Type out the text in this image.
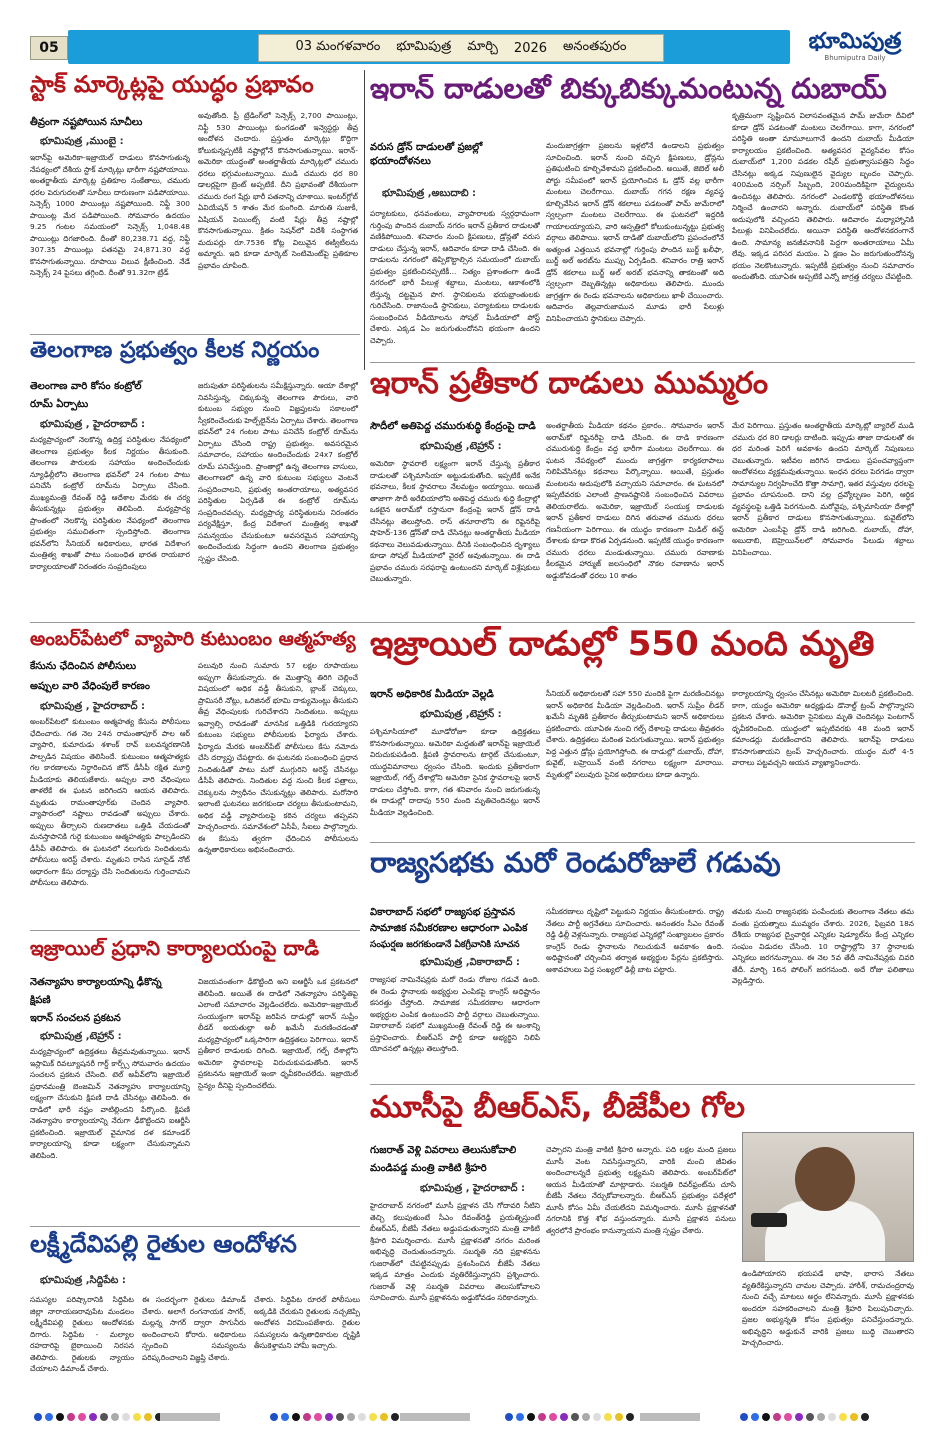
05	03 మంగళవారం భూమిపుత్ర మార్చి 2026 అనంతపురం	భూమిపుత్ర
Bhumiputra Daily
స్టాక్ మార్కెట్లపై యుద్ధం ప్రభావం
తీవ్రంగా నష్టపోయిన సూచీలు
భూమిపుత్ర ,ముంబై :
ఇరాన్‌పై అమెరికా-ఇజ్రాయెల్ దాడులు కొనసాగుతున్న నేపథ్యంలో దేశీయ స్టాక్ మార్కెట్లు భారీగా నష్టపోయాయి. అంతర్జాతీయ మార్కెట్ల ప్రతికూల సంకేతాలు, చమురు ధరల పెరుగుదలతో సూచీలు దారుణంగా పడిపోయాయి. సెన్సెక్స్ 1000 పాయింట్లు నష్టపోయింది. నిఫ్టీ 300 పాయింట్ల మేర పడిపోయింది. సోమవారం ఉదయం 9.25 గంటల సమయంలో సెన్సెక్స్ 1,048.48 పాయింట్లు దిగజారింది. దీంతో 80,238.71 వద్ద, నిఫ్టీ 307.35 పాయింట్లు పతనమై 24,871.30 వద్ద కొనసాగుతున్నాయి. రూపాయి విలువ క్షీణించింది. నేడే సెన్సెక్స్ 24 పైసలు తగ్గింది. దీంతో 91.32గా ట్రేడ్
అవుతోంది. ప్రీ ట్రేడింగ్‌లో సెన్సెక్స్ 2,700 పాయింట్లు, నిఫ్టీ 530 పాయింట్లు కుంగడంతో ఇన్వెస్టర్లు తీవ్ర ఆందోళన చెందారు. ప్రస్తుతం మార్కెట్లు కొద్దిగా కోలుకున్నప్పటికీ నష్టాల్లోనే కొనసాగుతున్నాయి. ఇరాన్-అమెరికా యుద్ధంతో అంతర్జాతీయ మార్కెట్లలో చమురు ధరలు భగ్గుమంటున్నాయి. ముడి చమురు ధర 80 డాలర్లపైగా బ్రెంట్ అప్పటికే. దీని ప్రభావంతో దేశీయంగా చమురు రంగ షేర్లు భారీ పతనాన్ని చూశాయి. ఇంటర్‌గ్లోబ్ ఏవియేషన్ 5 శాతం మేర కుంగింది. మారుతి సుజుకీ, ఏషియన్ పెయింట్స్ వంటి షేర్లు తీవ్ర నష్టాల్లో కొనసాగుతున్నాయి. క్రితం సెషన్‌లో విదేశీ సంస్థాగత మదుపర్లు రూ.7536 కోట్ల విలువైన ఈక్విటీలను అమ్మారు. ఇది కూడా మార్కెట్ సెంటిమెంట్‌పై ప్రతికూల ప్రభావం చూపింది.
ఇరాన్ దాడులతో బిక్కుబిక్కుమంటున్న దుబాయ్
వరుస డ్రోన్ దాడులతో ప్రజల్లో భయాందోళనలు
భూమిపుత్ర ,అబుదాబి :
పర్యాటకులు, ధనవంతులు, వ్యాపారాలకు స్వర్గధామంగా గుర్తింపు పొందిన దుబాయ్ నగరం ఇరాన్ ప్రతీకార దాడులతో వణికిపోయింది. శనివారం నుంచి క్షిపణులు, డ్రోన్లతో వరుస దాడులు చేస్తున్న ఇరాన్, ఆదివారం కూడా దాడి చేసింది. ఈ దాడులను నగరంలో తిప్పికొట్టాల్సిన సమయంలో దుబాయ్ ప్రభుత్వం ప్రకటించినప్పటికీ... నిత్యం ప్రశాంతంగా ఉండే నగరంలో భారీ పేలుళ్ల శబ్దాలు, మంటలు, ఆకాశంలోకి లేస్తున్న దట్టమైన పొగ. స్థానికులను భయభ్రాంతులకు గురిచేసింది. రాజానుండి స్థానికులు, పర్యాటకులు దాడులకు సంబంధించిన వీడియోలను సోషల్ మీడియాలో పోస్ట్ చేశారు. ఎక్కడ ఏం జరుగుతుందోనని భయంగా ఉందని చెప్పారు.
మందుజాగ్రత్తగా ప్రజలను ఇళ్లలోనే ఉండాలని ప్రభుత్వం సూచించింది. ఇరాన్ నుంచి వచ్చిన క్షిపణులు, డ్రోన్లను ప్రతిఘటించి కూల్చివేశామని ప్రకటించింది. అయితే, జెబెల్ అలీ పోర్టు సమీపంలో ఇరాన్ ప్రయోగించిన ఓ డ్రోన్ వల్ల భారీగా మంటలు చెలరేగాయి. దుబాయ్ గగన రక్షణ వ్యవస్థ కూల్చివేసిన ఇరాన్ డ్రోన్ శకలాలు పడటంతో పామ్ జుమేరాలో స్వల్పంగా మంటలు చెలరేగాయి. ఈ ఘటనలో ఇద్దరికి గాయాలయ్యాయని, వారి ఆస్పత్రిలో కోలుకుంటున్నట్టు ప్రభుత్వ వర్గాలు తెలిపాయి. ఇరాన్ దాడితో దుబాయ్‌లోని ప్రపంచంలోనే అత్యంత ఎత్తయిన భవనాల్లో గుర్తింపు పొందిన బుర్జ్ ఖలీఫా, బుర్జ్ అల్ అరబ్‌ను ముప్పు ఏర్పడింది. శనివారం రాత్రి ఇరాన్ డ్రోన్ శకలాలు బుర్జ్ అల్ అరబ్ భవనాన్ని తాకటంతో అది స్వల్పంగా దెబ్బతిన్నట్లు అధికారులు తెలిపారు. ముందు జాగ్రత్తగా ఈ రెండు భవనాలను అధికారులు ఖాళీ చేయించారు. ఆదివారం తెల్లవారుజామున మూడు భారీ పేలుళ్లు వినిపించాయని స్థానికులు చెప్పారు.
కృత్రిమంగా సృష్టించిన విలాసవంతమైన పామ్ జుమేరా దీవిలో కూడా డ్రోన్ పడటంతో మంటలు చెలరేగాయి. కాగా, నగరంలో పరిస్థితి అంతా మామూలుగానే ఉందని దుబాయ్ మీడియా కార్యాలయం ప్రకటించింది. అత్యవసర వైద్యసేవల కోసం దుబాయ్‌లో 1,200 పడకల రషీద్ ప్రభుత్వాసుపత్రిని సిద్ధం చేసినట్లు అక్కడ నిపుణులైన వైద్యుల బృందం చెప్పారు. 400మంది నర్సింగ్ సిబ్బంది, 200మందికిపైగా వైద్యులను ఉంచినట్లు తెలిపారు. నగరంలో ఎండలకొద్దీ భయాందోళనలు నిర్మించే ఉంచారని అన్నారు. దుబాయ్‌లో పరిస్థితి కొంత అదుపులోకి వచ్చిందని తెలిపారు. ఆదివారం మధ్యాహ్నానికి పేలుళ్లు వినిపించలేదు. అయినా పరిస్థితి ఆందోళనకరంగానే ఉంది. సామాన్య జనజీవనానికి పెద్దగా అంతరాయాలు ఏమీ లేవు. ఇక్కడ పరిసర మయం. ఏ క్షణం ఏం జరుగుతుందోనన్న భయం నెలకొంటున్నారు. ఇప్పటికీ ప్రభుత్వం నుంచి సమాచారం అందుతోంది. యూఏఈ అప్పటికే ఎన్నో జాగ్రత్త చర్యలు చేపట్టింది.
తెలంగాణ ప్రభుత్వం కీలక నిర్ణయం
తెలంగాణ వారి కోసం కంట్రోల్
రూమ్ ఏర్పాటు
భూమిపుత్ర , హైదరాబాద్ :
మధ్యప్రాచ్యంలో నెలకొన్న ఉద్రిక్త పరిస్థితుల నేపథ్యంలో తెలంగాణ ప్రభుత్వం కీలక నిర్ణయం తీసుకుంది. తెలంగాణ పౌరులకు సహాయం అందించేందుకు న్యూఢిల్లీలోని తెలంగాణ భవన్‌లో 24 గంటల పాటు పనిచేసే కంట్రోల్ రూమ్‌ను ఏర్పాటు చేసింది. ముఖ్యమంత్రి రేవంత్ రెడ్డి ఆదేశాల మేరకు ఈ చర్య తీసుకున్నట్లు ప్రభుత్వం తెలిపింది. మధ్యప్రాచ్య ప్రాంతంలో నెలకొన్న పరిస్థితుల నేపథ్యంలో తెలంగాణ ప్రభుత్వం సముచితంగా స్పందిస్తోంది. తెలంగాణ భవన్‌లోని సీనియర్ అధికారులు, భారత విదేశాంగ మంత్రిత్వ శాఖతో పాటు సంబంధిత భారత రాయబార కార్యాలయాలతో నిరంతరం సంప్రదింపులు
జరుపుతూ పరిస్థితులను సమీక్షిస్తున్నారు. ఆయా దేశాల్లో నివసిస్తున్న, చిక్కుకున్న తెలంగాణ పౌరులు, వారి కుటుంబ సభ్యుల నుంచి విజ్ఞప్తులను సకాలంలో స్వీకరించేందుకు హెల్ప్‌లైన్‌ను ఏర్పాటు చేశారు. తెలంగాణ భవన్‌లో 24 గంటల పాటు పనిచేసే కంట్రోల్ రూమ్‌ను ఏర్పాటు చేసింది రాష్ట్ర ప్రభుత్వం. అవసరమైన సమాచారం, సహాయం అందించేందుకు 24x7 కంట్రోల్ రూమ్ పనిచేస్తుంది. ప్రాంతాల్లో ఉన్న తెలంగాణ వాసులు, తెలంగాణలో ఉన్న వారి కుటుంబ సభ్యులు వెంటనే సంప్రదించాలని, ప్రభుత్వ అంతరాయాలు, అత్యవసర పరిస్థితుల ఏర్పడితే ఈ కంట్రోల్ రూమ్‌ను సంప్రదించవచ్చు. మధ్యప్రాచ్య పరిస్థితులను నిరంతరం పర్యవేక్షిస్తూ, కేంద్ర విదేశాంగ మంత్రిత్వ శాఖతో సమన్వయం చేసుకుంటూ అవసరమైన సహాయాన్ని అందించేందుకు సిద్ధంగా ఉందని తెలంగాణ ప్రభుత్వం స్పష్టం చేసింది.
ఇరాన్ ప్రతీకార దాడులు ముమ్మరం
సౌదీలో అతిపెద్ద చమురుశుద్ధి కేంద్రంపై దాడి
భూమిపుత్ర ,టెహ్రాన్ :
అమెరికా స్థావరాలే లక్ష్యంగా ఇరాన్ చేస్తున్న ప్రతీకార దాడులతో పశ్చిమాసియా అట్టుడుకుతోంది. ఇప్పటికే అనేక భవనాలు, కీలక స్థావరాలు నేలమట్టం అయ్యాయి. అయితే తాజాగా సౌదీ అరేబియాలోని అతిపెద్ద చమురు శుద్ధి కేంద్రాల్లో ఒకటైన అరామ్‌కో రస్తానురా కేంద్రంపై ఇరాన్ డ్రోన్ దాడి చేసినట్లు తెలుస్తోంది. రాస్ తనూరాలోని ఈ రిఫైనరీపై షాహెద్-136 డ్రోన్‌తో దాడి చేసినట్లు అంతర్జాతీయ మీడియా కథనాలు వెలువడుతున్నాయి. దీనికి సంబంధించిన దృశ్యాలు కూడా సోషల్ మీడియాలో వైరల్ అవుతున్నాయి. ఈ దాడి ప్రభావం చమురు సరఫరాపై ఉంటుందని మార్కెట్ విశ్లేషకులు చెబుతున్నారు.
అంతర్జాతీయ మీడియా కథనం ప్రకారం.. సోమవారం ఇరాన్ అరామ్‌కో రిఫైనరీపై దాడి చేసింది. ఈ దాడి కారణంగా చమురుశుద్ధి కేంద్రం వద్ద భారీగా మంటలు చెలరేగాయి. ఈ ఘటన నేపథ్యంలో ముందు జాగ్రత్తగా కార్యకలాపాలు నిలిపివేసినట్లు కథనాలు పేర్కొన్నాయి. అయితే, ప్రస్తుతం మంటలను అదుపులోకి వచ్చాయని సమాచారం. ఈ ఘటనలో ఇప్పటివరకు ఎలాంటి ప్రాణనష్టానికి సంబంధించిన వివరాలు తెలియరాలేదు. అమెరికా, ఇజ్రాయెల్ సంయుక్త దాడులకు ఇరాన్ ప్రతీకార దాడులు దిగిన తరువాత చమురు ధరలు గణనీయంగా పెరిగాయి. ఈ యుద్ధం కారణంగా మిడిల్ ఈస్ట్ దేశాలకు కూడా కొరత ఏర్పడనుంది. ఇప్పటికే యుద్ధం కారణంగా చమురు ధరలు మండుతున్నాయి. చమురు రవాణాకు కీలకమైన హార్ముజ్ జలసంధిలో నౌకల రవాణాను ఇరాన్ అడ్డుకోవడంతో ధరలు 10 శాతం
మేర పెరిగాయి. ప్రస్తుతం అంతర్జాతీయ మార్కెట్లో బ్యారెల్ ముడి చమురు ధర 80 డాలర్లు దాటింది. ఇప్పుడు తాజా దాడులతో ఈ ధర మరింత పెరిగే అవకాశం ఉందని మార్కెట్ నిపుణులు చెబుతున్నారు. ఇటీవల జరిగిన దాడులు ప్రపంచవ్యాప్తంగా ఆందోళనలు వ్యక్తమవుతున్నాయి. ఇంధన ధరలు పెరగడం ద్వారా సామాన్యుల నిర్వహించేది కొత్తా సామాగ్రి, ఇతర వస్తువుల ధరలపై ప్రభావం చూపనుంది. దాని వల్ల ద్రవ్యోల్బణం పెరిగి, ఆర్థిక వ్యవస్థలపై ఒత్తిడి పెరగనుంది. మరోవైపు, పశ్చిమాసియా దేశాల్లో ఇరాన్ ప్రతీకార దాడులు కొనసాగుతున్నాయి. కువైట్‌లోని అమెరికా ఎంబసీపై డ్రోన్ దాడి జరిగింది. దుబాయ్, దోహా, అబుదాబి, బెహ్రెయిన్‌లలో సోమవారం పేలుడు శబ్దాలు వినిపించాయి.
అంబర్‌పేటలో వ్యాపారి కుటుంబం ఆత్మహత్య
కేసును ఛేదించిన పోలీసులు
అప్పుల వారి వేధింపులే కారణం
భూమిపుత్ర , హైదరాబాద్ :
అంబర్‌పేటలో కుటుంబం ఆత్మహత్య కేసును పోలీసులు ఛేదించారు. గత నెల 24న రామంతాపూర్ పాల ఆర్ వ్యాపారి, కుమారుడు శశాంక్ రావ్ బలవన్మరణానికి పాల్పడిన విషయం తెలిసిందే. కుటుంబం ఆత్మహత్యకు గల కారణాలను నిర్ధారించిన జోన్ డీసీపీ రక్షిత మూర్తి మీడియాకు తెలియజేశారు. అప్పుల వారి వేధింపులు తాళలేకే ఈ ఘటన జరిగిందని ఆయన తెలిపారు. మృతుడు రామంతాపూర్‌కు చెందిన వ్యాపారి. వ్యాపారంలో నష్టాలు రావడంతో అప్పులు చేశారు. అప్పులు తీర్చాలని రుణదాతలు ఒత్తిడి చేయడంతో మనస్తాపానికి గురై కుటుంబం ఆత్మహత్యకు పాల్పడిందని డీసీపీ తెలిపారు. ఈ ఘటనలో నలుగురు నిందితులను పోలీసులు అరెస్ట్ చేశారు. మృతుని రాసిన సూసైడ్ నోట్ ఆధారంగా కేసు దర్యాప్తు చేసి నిందితులను గుర్తించామని పోలీసులు తెలిపారు.
పలువురి నుంచి సుమారు 57 లక్షల రూపాయలు అప్పుగా తీసుకున్నారు. ఈ మొత్తాన్ని తిరిగి చెల్లించే విషయంలో అధిక వడ్డీ తీసుకుని, బ్లాంక్ చెక్కులు, ప్రామిసరీ నోట్లు, ఒరిజినల్ భూమి దాక్యుమెంట్లు తీసుకుని తీవ్ర వేధింపులకు గురిచేశారని నిందితులు. అప్పులు ఇవ్వాల్సి రావడంతో మానసిక ఒత్తిడికి గురయ్యారని కుటుంబ సభ్యులు పోలీసులకు ఫిర్యాదు చేశారు. ఫిర్యాదు మేరకు అంబర్‌పేట్ పోలీసులు కేసు నమోదు చేసి దర్యాప్తు చేపట్టారు. ఈ ఘటనకు సంబంధించి ప్రధాన నిందితుడితో పాటు మరో ముగ్గురిని అరెస్ట్ చేసినట్లు డీసీపీ తెలిపారు. నిందితుల వద్ద నుంచి కీలక పత్రాలు, చెక్కులను స్వాధీనం చేసుకున్నట్లు తెలిపారు. మరోసారి ఇలాంటి ఘటనలు జరగకుండా చర్యలు తీసుకుంటామని, అధిక వడ్డీ వ్యాపారులపై కఠిన చర్యలు తప్పవని హెచ్చరించారు. సమావేశంలో ఏసీపీ, సీఐలు పాల్గొన్నారు. ఈ కేసును త్వరగా ఛేదించిన పోలీసులను ఉన్నతాధికారులు అభినందించారు.
ఇజ్రాయిల్ దాడుల్లో 550 మంది మృతి
ఇరాన్ అధికారిక మీడియా వెల్లడి
భూమిపుత్ర ,టెహ్రాన్ :
పశ్చిమాసియాలో మూడోరోజూ కూడా ఉద్రిక్తతలు కొనసాగుతున్నాయి. అమెరికా మద్దతుతో ఇరాన్‌పై ఇజ్రాయెల్ విరుచుకుపడింది. క్షిపణి స్థావరాలను టార్గెట్ చేసుకుంటూ, యుద్ధవిమానాలు ధ్వంసం చేసింది. ఇందుకు ప్రతీకారంగా ఇజ్రాయెల్, గల్ఫ్ దేశాల్లోని అమెరికా సైనిక స్థావరాలపై ఇరాన్ దాడులు చేస్తోంది. కాగా, గత శనివారం నుంచి జరుగుతున్న ఈ దాడుల్లో దాదాపు 550 మంది మృతిచెందినట్లు ఇరాన్ మీడియా వెల్లడించింది.
సీనియర్ అధికారులతో సహా 550 మందికి పైగా మరణించినట్లు ఇరాన్ అధికారిక మీడియా వెల్లడించింది. ఇరాన్ సుప్రీం లీడర్ ఖమేనీ మృతికి ప్రతీకారం తీర్చుకుంటామని ఇరాన్ అధికారులు ప్రకటించారు. యూఏఈ నుంచి గల్ఫ్ దేశాలపై దాడులు తీవ్రతరం చేశారు. ఉద్రిక్తతలు మరింత పెరుగుతున్నాయి. ఇరాన్ ప్రభుత్వం పెద్ద ఎత్తున డ్రోన్లు ప్రయోగిస్తోంది. ఈ దాడుల్లో దుబాయ్, దోహా, కువైట్, బహ్రెయిన్ వంటి నగరాలు లక్ష్యంగా మారాయి. మృతుల్లో పలువురు సైనిక అధికారులు కూడా ఉన్నారు.
కార్యాలయాన్ని ధ్వంసం చేసినట్లు అమెరికా మిలటరీ ప్రకటించింది. కాగా, యుద్ధం అమెరికా అధ్యక్షుడు డొనాల్డ్ ట్రంప్ పాల్గొన్నారని ప్రకటన చేశారు. అమెరికా సైనికులు మృతి చెందినట్లు పెంటగాన్ ధృవీకరించింది. యుద్ధంలో ఇప్పటివరకు 48 మంది ఇరాన్ కమాండర్లు మరణించారని తెలిపారు. ఇరాన్‌పై దాడులు కొనసాగుతాయని ట్రంప్ హెచ్చరించారు. యుద్ధం మరో 4-5 వారాలు పట్టవచ్చని ఆయన వ్యాఖ్యానించారు.
రాజ్యసభకు మరో రెండురోజులే గడువు
వికారాబాద్ సభలో రాజ్యసభ ప్రస్తావన
సామాజిక సమీకరణాల ఆధారంగా ఎంపిక
సంఘర్షణ జరగకుండానే ఏకగ్రీవానికి సూచన
భూమిపుత్ర ,వికారాబాద్ :
రాజ్యసభ నామినేషన్లకు మరో రెండు రోజుల గడువే ఉంది. ఈ రెండు స్థానాలకు అభ్యర్థుల ఎంపికపై కాంగ్రెస్ అధిష్టానం కసరత్తు చేస్తోంది. సామాజిక సమీకరణాల ఆధారంగా అభ్యర్థుల ఎంపిక ఉంటుందని పార్టీ వర్గాలు చెబుతున్నాయి. వికారాబాద్ సభలో ముఖ్యమంత్రి రేవంత్ రెడ్డి ఈ అంశాన్ని ప్రస్తావించారు. బీఆర్ఎస్ పార్టీ కూడా అభ్యర్థిని నిలిపే యోచనలో ఉన్నట్లు తెలుస్తోంది.
సమీకరణాలు దృష్టిలో పెట్టుకుని నిర్ణయం తీసుకుంటారు. రాష్ట్ర నేతలు పార్టీ అగ్రనేతలు సూచించారు. అనంతరం సీఎం రేవంత్ రెడ్డి ఢిల్లీ వెళ్లనున్నారు. రాజ్యసభ ఎన్నికల్లో సంఖ్యాబలం ప్రకారం కాంగ్రెస్ రెండు స్థానాలను గెలుచుకునే అవకాశం ఉంది. అధిష్టానంతో చర్చించిన తర్వాత అభ్యర్థుల పేర్లను ప్రకటిస్తారు. ఆశావహులు పెద్ద సంఖ్యలో ఢిల్లీ బాట పట్టారు.
తమకు నుంచి రాజ్యసభకు పంపేందుకు తెలంగాణ నేతలు తమ వంతు ప్రయత్నాలు ముమ్మరం చేశారు. 2026, ఫిబ్రవరి 18న దేశీయ రాజ్యసభ ద్వైవార్షిక ఎన్నికల షెడ్యూల్‌ను కేంద్ర ఎన్నికల సంఘం విడుదల చేసింది. 10 రాష్ట్రాల్లోని 37 స్థానాలకు ఎన్నికలు జరగనున్నాయి. ఈ నెల 5వ తేదీ నామినేషన్లకు చివరి తేదీ. మార్చి 16న పోలింగ్ జరగనుంది. అదే రోజు ఫలితాలు వెల్లడిస్తారు.
ఇజ్రాయిల్ ప్రధాని కార్యాలయంపై దాడి
నెతన్యాహు కార్యాలయాన్ని ఢీకొన్న
క్షిపణి
ఇరాన్ సంచలన ప్రకటన
భూమిపుత్ర ,టెహ్రాన్ :
మధ్యప్రాచ్యంలో ఉద్రిక్తతలు తీవ్రమవుతున్నాయి. ఇరాన్ ఇస్లామిక్ రివల్యూషనరీ గార్డ్ కార్ప్స్ సోమవారం ఉదయం సంచలన ప్రకటన చేసింది. టెల్ అవీవ్‌లోని ఇజ్రాయెల్ ప్రధానమంత్రి బెంజమిన్ నెతన్యాహు కార్యాలయాన్ని లక్ష్యంగా చేసుకుని క్షిపణి దాడి చేసినట్లు తెలిపింది. ఈ దాడిలో భారీ నష్టం వాటిల్లిందని పేర్కొంది. క్షిపణి నెతన్యాహు కార్యాలయాన్ని నేరుగా ఢీకొట్టిందని ఐఆర్జీసీ ప్రకటించింది. ఇజ్రాయెల్ వైమానిక దళ కమాండర్ కార్యాలయాన్ని కూడా లక్ష్యంగా చేసుకున్నామని తెలిపింది.
విజయవంతంగా ఢీకొట్టింది అని ఐఆర్జీసీ ఒక ప్రకటనలో తెలిపింది. అయితే ఈ దాడిలో నెతన్యాహు పరిస్థితిపై ఎలాంటి సమాచారం వెల్లడించలేదు. అమెరికా-ఇజ్రాయెల్ సంయుక్తంగా ఇరాన్‌పై జరిపిన దాడుల్లో ఇరాన్ సుప్రీం లీడర్ అయతుల్లా అలీ ఖమేనీ మరణించడంతో మధ్యప్రాచ్యంలో ఒక్కసారిగా ఉద్రిక్తతలు పెరిగాయి. ఇరాన్ ప్రతీకార దాడులకు దిగింది. ఇజ్రాయెల్, గల్ఫ్ దేశాల్లోని అమెరికా స్థావరాలపై విరుచుకుపడుతోంది. ఇరాన్ ప్రకటనను ఇజ్రాయెల్ ఇంకా ధృవీకరించలేదు. ఇజ్రాయెల్ సైన్యం దీనిపై స్పందించలేదు.
మూసీపై బీఆర్ఎస్, బీజేపీల గోల
గుజరాత్ వెళ్లి వివరాలు తెలుసుకోవాలి
మండిపడ్డ మంత్రి వాకిటి శ్రీహరి
భూమిపుత్ర , హైదరాబాద్ :
హైదరాబాద్ నగరంలో మూసీ ప్రక్షాళన చేసి గోదావరి నీటిని తెచ్చి కలుపుతుంటే సీఎం రేవంత్‌రెడ్డి ప్రయత్నిస్తుంటే బీఆర్ఎస్, బీజేపీ నేతలు అడ్డుపడుతున్నారని మంత్రి వాకిటి శ్రీహరి విమర్శించారు. మూసీ ప్రక్షాళనతో నగరం మరింత అభివృద్ధి చెందుతుందన్నారు. సబర్మతి నది ప్రక్షాళనను గుజరాత్‌లో చేపట్టినప్పుడు ప్రశంసించిన బీజేపీ నేతలు ఇక్కడ మాత్రం ఎందుకు వ్యతిరేకిస్తున్నారని ప్రశ్నించారు. గుజరాత్ వెళ్లి సబర్మతి వివరాలు తెలుసుకోవాలని సూచించారు. మూసీ ప్రక్షాళనను అడ్డుకోవడం సరికాదన్నారు.
చెప్పారని మంత్రి వాకిటి శ్రీహరి అన్నారు. పది లక్షల మంది ప్రజలు మూసీ వెంట నివసిస్తున్నారని, వారికి మంచి జీవితం అందించాలన్నదే ప్రభుత్వ లక్ష్యమని తెలిపారు. అంబర్‌పేట్‌లో ఆయన మీడియాతో మాట్లాడారు. సబర్మతి రివర్‌ఫ్రంట్‌ను చూసి బీజేపీ నేతలు నేర్చుకోవాలన్నారు. బీఆర్ఎస్ ప్రభుత్వం పదేళ్లలో మూసీ కోసం ఏమీ చేయలేదని విమర్శించారు. మూసీ ప్రక్షాళనతో నగరానికి కొత్త శోభ వస్తుందన్నారు. మూసీ ప్రక్షాళన పనులు త్వరలోనే ప్రారంభం కానున్నాయని మంత్రి స్పష్టం చేశారు.
ఉండిపోయారని భయపడే భాషా, భారాస నేతలు వ్యతిరేకిస్తున్నారని చామల చెప్పారు. హారీశ్, రామచంద్రరావు నుంచి వచ్చే మాటలు అర్థం లేనివన్నారు. మూసీ ప్రక్షాళనకు అందరూ సహకరించాలని మంత్రి శ్రీహరి పిలుపునిచ్చారు. ప్రజల అభ్యున్నతి కోసం ప్రభుత్వం పనిచేస్తుందన్నారు. అభివృద్ధిని అడ్డుకునే వారికి ప్రజలు బుద్ధి చెబుతారని హెచ్చరించారు.
లక్ష్మీదేవిపల్లి రైతుల ఆందోళన
భూమిపుత్ర ,సిద్దిపేట :
సమస్యల పరిష్కారానికి సిద్దిపేట జిల్లా నారాయణరావుపేట మండలం లక్ష్మీదేవిపల్లి రైతులు ఆందోళనకు దిగారు. సిద్దిపేట - మల్యాల రహదారిపై బైఠాయించి నిరసన తెలిపారు. రైతులకు న్యాయం చేయాలని డిమాండ్ చేశారు.
ఈ సందర్భంగా రైతులు డిమాండ్ చేశారు. అలాగే రంగనాయక సాగర్, మల్లన్న సాగర్ ద్వారా సాగునీరు అందించాలని కోరారు. అధికారులు స్పందించి సమస్యలను పరిష్కరించాలని విజ్ఞప్తి చేశారు.
చేశారు. సిద్దిపేట రూరల్ పోలీసులు అక్కడికి చేరుకుని రైతులకు నచ్చజెప్పి ఆందోళన విరమింపజేశారు. రైతుల సమస్యలను ఉన్నతాధికారుల దృష్టికి తీసుకెళ్తామని హామీ ఇచ్చారు.
